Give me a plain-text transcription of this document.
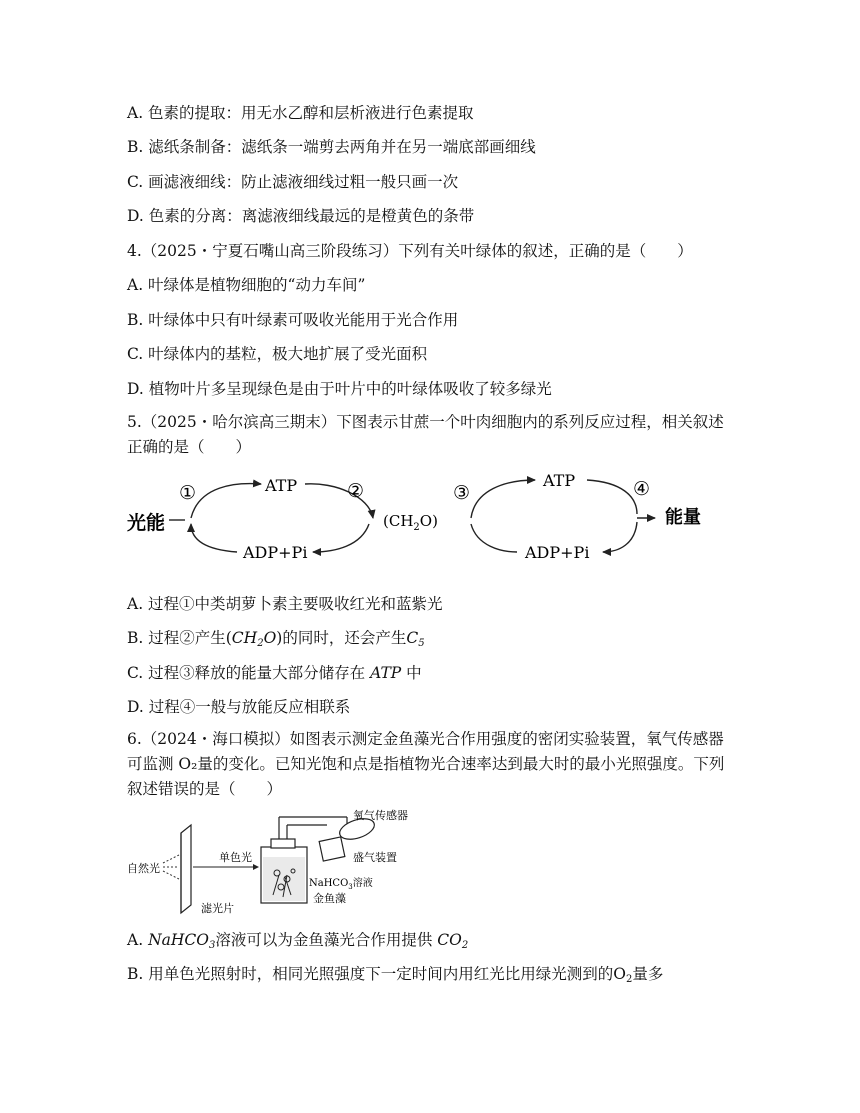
A. 色素的提取：用无水乙醇和层析液进行色素提取
B. 滤纸条制备：滤纸条一端剪去两角并在另一端底部画细线
C. 画滤液细线：防止滤液细线过粗一般只画一次
D. 色素的分离：离滤液细线最远的是橙黄色的条带
4.（2025・宁夏石嘴山高三阶段练习）下列有关叶绿体的叙述，正确的是（　　）
A. 叶绿体是植物细胞的“动力车间”
B. 叶绿体中只有叶绿素可吸收光能用于光合作用
C. 叶绿体内的基粒，极大地扩展了受光面积
D. 植物叶片多呈现绿色是由于叶片中的叶绿体吸收了较多绿光
5.（2025・哈尔滨高三期末）下图表示甘蔗一个叶肉细胞内的系列反应过程，相关叙述正确的是（　　）
光能
ATP
ADP+Pi
①	②
$(CH_2O)$
ATP
ADP+Pi
③	④
能量
A. 过程①中类胡萝卜素主要吸收红光和蓝紫光
B. 过程②产生$(CH_2O)$的同时，还会产生$C_5$
C. 过程③释放的能量大部分储存在 ATP 中
D. 过程④一般与放能反应相联系
6.（2024・海口模拟）如图表示测定金鱼藻光合作用强度的密闭实验装置，氧气传感器可监测 O₂量的变化。已知光饱和点是指植物光合速率达到最大时的最小光照强度。下列叙述错误的是（　　）
自然光
滤光片
单色光
氧气传感器
盛气装置
NaHCO$_3$溶液
金鱼藻
A. NaHCO$_3$溶液可以为金鱼藻光合作用提供 $CO_2$
B. 用单色光照射时，相同光照强度下一定时间内用红光比用绿光测到的$O_2$量多
